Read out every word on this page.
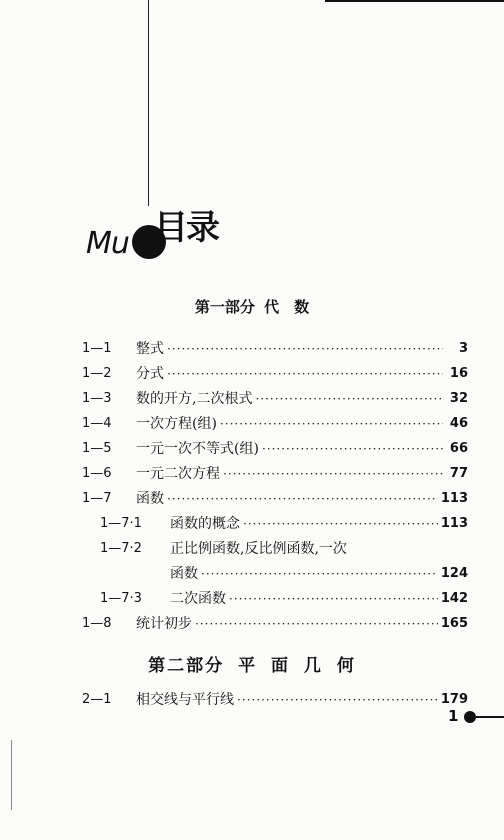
Mu 目录
第一部分 代　数
1—1	整式 ·····	3
1—2	分式 ·····	16
1—3	数的开方,二次根式 ·····	32
1—4	一次方程(组) ·····	46
1—5	一元一次不等式(组) ·····	66
1—6	一元二次方程 ·····	77
1—7	函数 ·····	113
1—7·1	函数的概念 ·····	113
1—7·2	正比例函数,反比例函数,一次
函数 ·····	124
1—7·3	二次函数 ·····	142
1—8	统计初步 ·····	165
第二部分 平 面 几 何
2—1	相交线与平行线 ·····	179
1
